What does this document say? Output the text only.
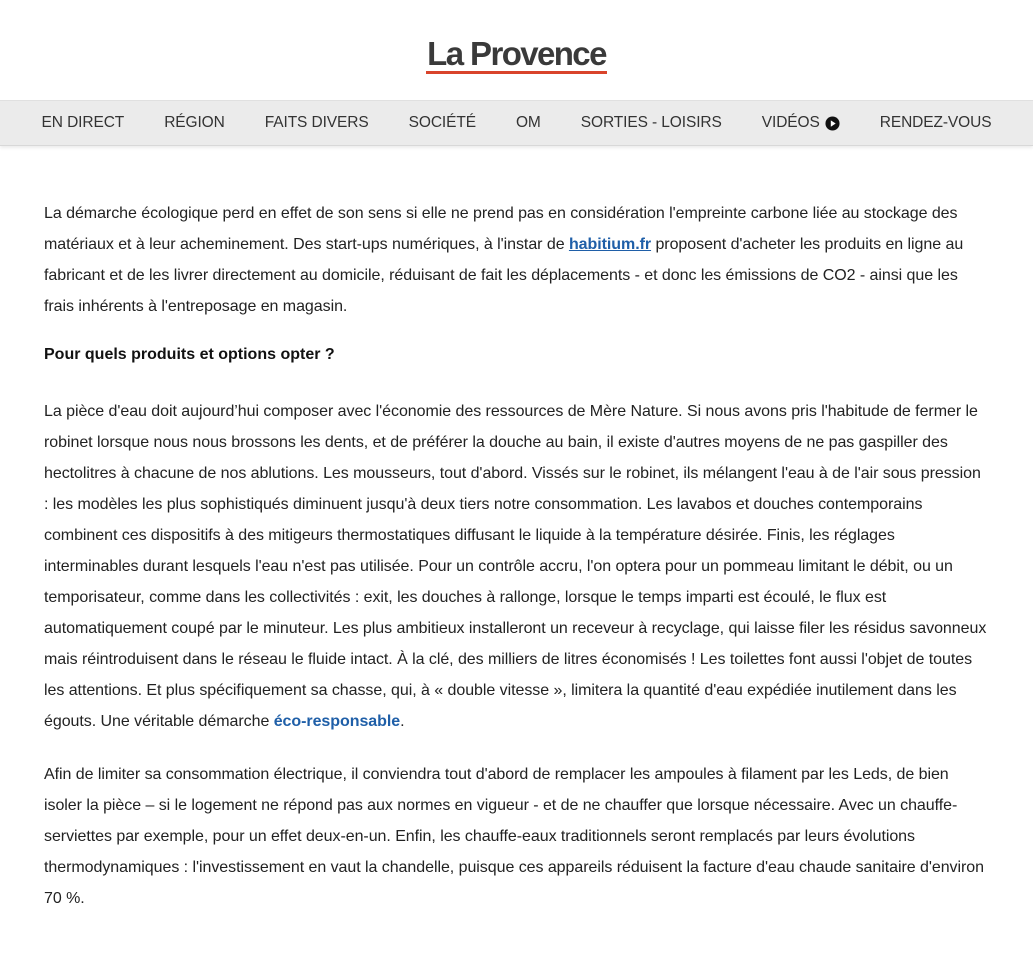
La Provence
EN DIRECT	RÉGION	FAITS DIVERS	SOCIÉTÉ	OM	SORTIES - LOISIRS	VIDÉOS	RENDEZ-VOUS

La démarche écologique perd en effet de son sens si elle ne prend pas en considération l'empreinte carbone liée au stockage des matériaux et à leur acheminement. Des start-ups numériques, à l'instar de habitium.fr proposent d'acheter les produits en ligne au fabricant et de les livrer directement au domicile, réduisant de fait les déplacements - et donc les émissions de CO2 - ainsi que les frais inhérents à l'entreposage en magasin.

Pour quels produits et options opter ?

La pièce d'eau doit aujourd’hui composer avec l'économie des ressources de Mère Nature. Si nous avons pris l'habitude de fermer le robinet lorsque nous nous brossons les dents, et de préférer la douche au bain, il existe d'autres moyens de ne pas gaspiller des hectolitres à chacune de nos ablutions. Les mousseurs, tout d'abord. Vissés sur le robinet, ils mélangent l'eau à de l'air sous pression : les modèles les plus sophistiqués diminuent jusqu'à deux tiers notre consommation. Les lavabos et douches contemporains combinent ces dispositifs à des mitigeurs thermostatiques diffusant le liquide à la température désirée. Finis, les réglages interminables durant lesquels l'eau n'est pas utilisée. Pour un contrôle accru, l'on optera pour un pommeau limitant le débit, ou un temporisateur, comme dans les collectivités : exit, les douches à rallonge, lorsque le temps imparti est écoulé, le flux est automatiquement coupé par le minuteur. Les plus ambitieux installeront un receveur à recyclage, qui laisse filer les résidus savonneux mais réintroduisent dans le réseau le fluide intact. À la clé, des milliers de litres économisés ! Les toilettes font aussi l'objet de toutes les attentions. Et plus spécifiquement sa chasse, qui, à « double vitesse », limitera la quantité d'eau expédiée inutilement dans les égouts. Une véritable démarche éco-responsable.

Afin de limiter sa consommation électrique, il conviendra tout d'abord de remplacer les ampoules à filament par les Leds, de bien isoler la pièce – si le logement ne répond pas aux normes en vigueur - et de ne chauffer que lorsque nécessaire. Avec un chauffe-serviettes par exemple, pour un effet deux-en-un. Enfin, les chauffe-eaux traditionnels seront remplacés par leurs évolutions thermodynamiques : l'investissement en vaut la chandelle, puisque ces appareils réduisent la facture d'eau chaude sanitaire d'environ 70 %.
